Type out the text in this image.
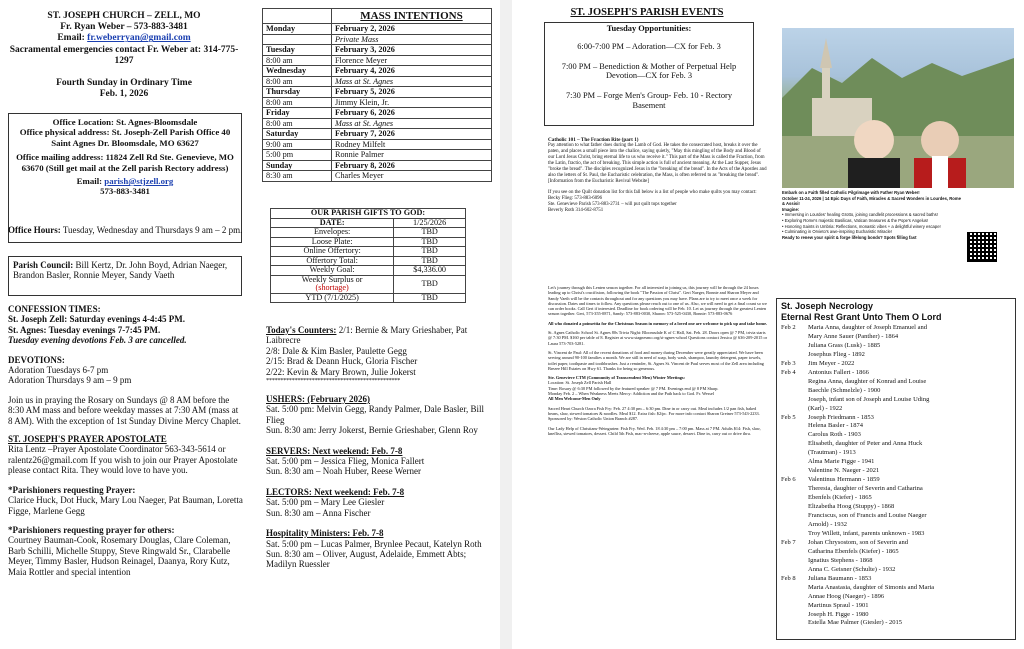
ST. JOSEPH CHURCH – ZELL, MO

Fr. Ryan Weber – 573-883-3481

Email: fr.weberryan@gmail.com

Sacramental emergencies contact Fr. Weber at: 314-775-1297

Fourth Sunday in Ordinary Time

Feb. 1, 2026

Office Location: St. Agnes-Bloomsdale

Office physical address: St. Joseph-Zell Parish Office 40 Saint Agnes Dr. Bloomsdale, MO 63627

Office mailing address: 11824 Zell Rd Ste. Genevieve, MO 63670 (Still get mail at the Zell parish Rectory address)

Email: parish@stjzell.org

573-883-3481

Office Hours: Tuesday, Wednesday and Thursdays 9 am – 2 pm.

Parish Council: Bill Kertz, Dr. John Boyd, Adrian Naeger, Brandon Basler, Ronnie Meyer, Sandy Vaeth

CONFESSION TIMES:

St. Joseph Zell: Saturday evenings 4-4:45 PM.

St. Agnes: Tuesday evenings 7-7:45 PM.

Tuesday evening devotions Feb. 3 are cancelled.

DEVOTIONS:

Adoration Tuesdays 6-7 pm

Adoration Thursdays 9 am – 9 pm

Join us in praying the Rosary on Sundays @ 8 AM before the 8:30 AM mass and before weekday masses at 7:30 AM (mass at 8 AM). With the exception of 1st Sunday Divine Mercy Chaplet.

ST. JOSEPH'S PRAYER APOSTOLATE

Rita Lentz –Prayer Apostolate Coordinator 563-343-5614 or ralentz26@gmail.com If you wish to join our Prayer Apostolate please contact Rita. They would love to have you.

*Parishioners requesting Prayer:

Clarice Huck, Dot Huck, Mary Lou Naeger, Pat Bauman, Loretta Figge, Marlene Gegg

*Parishioners requesting prayer for others:

Courtney Bauman-Cook, Rosemary Douglas, Clare Coleman, Barb Schilli, Michelle Stuppy, Steve Ringwald Sr., Clarabelle Meyer, Timmy Basler, Hudson Reinagel, Daanya, Rory Kutz, Maia Rottler and special intention

	MASS INTENTIONS
Monday	February 2, 2026
	Private Mass
Tuesday	February 3, 2026
8:00 am	Florence Meyer
Wednesday	February 4, 2026
8:00 am	Mass at St. Agnes
Thursday	February 5, 2026
8:00 am	Jimmy Klein, Jr.
Friday	February 6, 2026
8:00 am	Mass at St. Agnes
Saturday	February 7, 2026
9:00 am	Rodney Milfelt
5:00 pm	Ronnie Palmer
Sunday	February 8, 2026
8:30 am	Charles Meyer
OUR PARISH GIFTS TO GOD:	
DATE:	1/25/2026
Envelopes:	TBD
Loose Plate:	TBD
Online Offertory:	TBD
Offertory Total:	TBD
Weekly Goal:	$4,336.00
Weekly Surplus or
(shortage)	TBD
YTD (7/1/2025)	TBD

Today's Counters: 2/1: Bernie & Mary Grieshaber, Pat Laibrecre

2/8: Dale & Kim Basler, Paulette Gegg

2/15: Brad & Deann Huck, Gloria Fischer

2/22: Kevin & Mary Brown, Julie Jokerst

***********************************************

USHERS: (February 2026)

Sat. 5:00 pm: Melvin Gegg, Randy Palmer, Dale Basler, Bill Flieg

Sun. 8:30 am: Jerry Jokerst, Bernie Grieshaber, Glenn Roy

SERVERS: Next weekend: Feb. 7-8

Sat. 5:00 pm – Jessica Flieg, Monica Fallert

Sun. 8:30 am – Noah Huber, Reese Werner

LECTORS: Next weekend: Feb. 7-8

Sat. 5:00 pm – Mary Lee Giesler

Sun. 8:30 am – Anna Fischer

Hospitality Ministers: Feb. 7-8

Sat. 5:00 pm – Lucas Palmer, Brynlee Pecaut, Katelyn Roth

Sun. 8:30 am – Oliver, August, Adelaide, Emmett Abts; Madilyn Ruessler

ST. JOSEPH'S PARISH EVENTS

Tuesday Opportunities:

6:00-7:00 PM – Adoration—CX for Feb. 3

7:00 PM – Benediction & Mother of Perpetual Help Devotion—CX for Feb. 3

7:30 PM – Forge Men's Group- Feb. 10 - Rectory Basement

Catholic 101 – The Fraction Rite (part 1)

Pay attention to what father does during the Lamb of God. He takes the consecrated host, breaks it over the paten, and places a small piece into the chalice, saying quietly, "May this mingling of the Body and Blood of our Lord Jesus Christ, bring eternal life to us who receive it." This part of the Mass is called the Fraction, from the Latin, fractio, the act of breaking. This simple action is full of ancient meaning. At the Last Supper, Jesus "broke the bread". The disciples recognized Jesus in the "breaking of the bread". In the Acts of the Apostles and also the letters of St. Paul, the Eucharistic celebration, the Mass, is often referred to as "breaking the bread". [Information from the Eucharistic Revival Website]

If you see on the Quilt donation list for this fall below is a list of people who make quilts you may contact:

Becky Flieg: 573-883-6096

Ste. Genevieve Parish 573-883-2731 – will put quilt tops together

Beverly Roth 314-602-8751

Let's journey through this Lenten season together. For all interested in joining us, this journey will be through the 24 hours leading up to Christ's crucifixion, following the book "The Passion of Christ". Geri Naeger, Bonnie and Sharon Meyer and Sandy Vaeth will be the contacts throughout and for any questions you may have. Plans are to try to meet once a week for discussion. Dates and times to follow. Any questions please reach out to one of us. Also, we will need to get a final count so we can order books. Call Geri if interested. Deadline for book ordering will be Feb. 10. Let us journey through the greatest Lenten season together. Geri, 573-355-0871, Sandy: 573-883-0030, Sharon: 573-525-0430, Bonnie: 573-883-0676

All who donated a poinsettia for the Christmas Season in memory of a loved one are welcome to pick up and take home.

St. Agnes Catholic School St. Agnes 80s Trivia Night: Bloomsdale K of C Hall, Sat. Feb. 28. Doors open @ 7 PM, trivia starts @ 7:30 PM. $160 per table of 8. Register at www.stagnesmo.org/st-agnes-school Questions contact Jessica @ 636-209-2015 or Laura 573-703-5281.

St. Vincent de Paul: All of the recent donations of food and money during December were greatly appreciated. We have been serving around 90-100 families a month. We are still in need of soap, body wash, shampoo, laundry detergent, paper towels, toilet paper, toothpaste and toothbrushes. Just a reminder, St. Agnes St. Vincent de Paul serves most of the Zell area including Brezee Hill Estates on Hwy 61. Thanks for being so generous.

Ste. Genevieve CTM (Community of Transcendent Men) Winter Meetings:

Location: St. Joseph Zell Parish Hall

Time: Rosary @ 6:30 PM followed by the featured speaker @ 7 PM. Evenings end @ 8 PM Sharp.

Monday Feb. 2 – When Weakness Meets Mercy: Addiction and the Path back to God. Fr. Wessel

All Men Welcome-Men Only

Sacred Heart Church Ozora Fish Fry: Feb. 27 4:30 pm – 6:30 pm. Dine in or carry out. Meal includes 1/2 pan fish, baked beans, slaw, stewed tomatoes & noodles. Meal $12. Extra fish: $2/pc. For more info contact Sharon Greiner 573-543-2233. Sponsored by: Weston Catholic Union Branch #287.

Our Lady Help of Christians-Weingarten: Fish Fry. Wed. Feb. 18 4:30 pm – 7:00 pm. Mass at 7 PM. Adults $14: Fish, slaw, knefliss, stewed tomatoes, dessert. Child 5th Fish, mac-n-cheese, apple sauce, dessert. Dine in, carry out or drive thru.

Embark on a Faith filled Catholic Pilgrimage with Father Ryan Weber!

October 11-24, 2026 | 14 Epic Days of Faith, Miracles & Sacred Wonders in Lourdes, Rome & Assisi!

Imagine:

• Immersing in Lourdes' healing Grotto, joining candlelit processions & sacred baths!

• Exploring Rome's majestic Basilicas, Vatican treasures & the Pope's Angelus!

• Honoring Saints in Umbria: Reflections, monastic vibes + a delightful winery escape!

• Culminating in Orvieto's awe-inspiring Eucharistic Miracle!

Ready to renew your spirit & forge lifelong bonds? Spots filling fast

St. Joseph Necrology

Eternal Rest Grant Unto Them O Lord

Feb 2	Maria Anna, daughter of Joseph Emanuel and
Mary Anne Sauer (Panther) - 1864
Juliana Grass (Lusk) - 1885
Josephus Flieg - 1892
Feb 3	Jim Meyer - 2022
Feb 4	Antonius Fallert - 1866
Regina Anna, daughter of Konrad and Louise
Baechle (Schmelzle) - 1900
Joseph, infant son of Joseph and Louise Uding
(Karl) - 1922
Feb 5	Joseph Friedmann - 1853
Helena Basler - 1874
Carolus Roth - 1903
Elisabeth, daughter of Peter and Anna Huck
(Trautman) - 1913
Alma Marie Figge - 1941
Valentine N. Naeger - 2021
Feb 6	Valentinus Hermann - 1859
Theresia, daughter of Severin and Catharina
Ebenfels (Kiefer) - 1865
Elizabetha Hoog (Stuppy) - 1868
Franciscus, son of Francis and Louise Naeger
Arnold) - 1932
Troy Willett, infant, parents unknown - 1983
Feb 7	Johan Chrysostom, son of Severin and
Catharina Ebenfels (Kiefer) - 1865
Ignatius Stephens - 1868
Anna C. Geisner (Schulte) - 1932
Feb 8	Juliana Baumann - 1853
Maria Anastasia, daughter of Simonis and Maria
Annae Hoog (Naeger) - 1896
Martinus Spraul - 1901
Joseph H. Figge - 1980
Estella Mae Palmer (Giesler) - 2015
